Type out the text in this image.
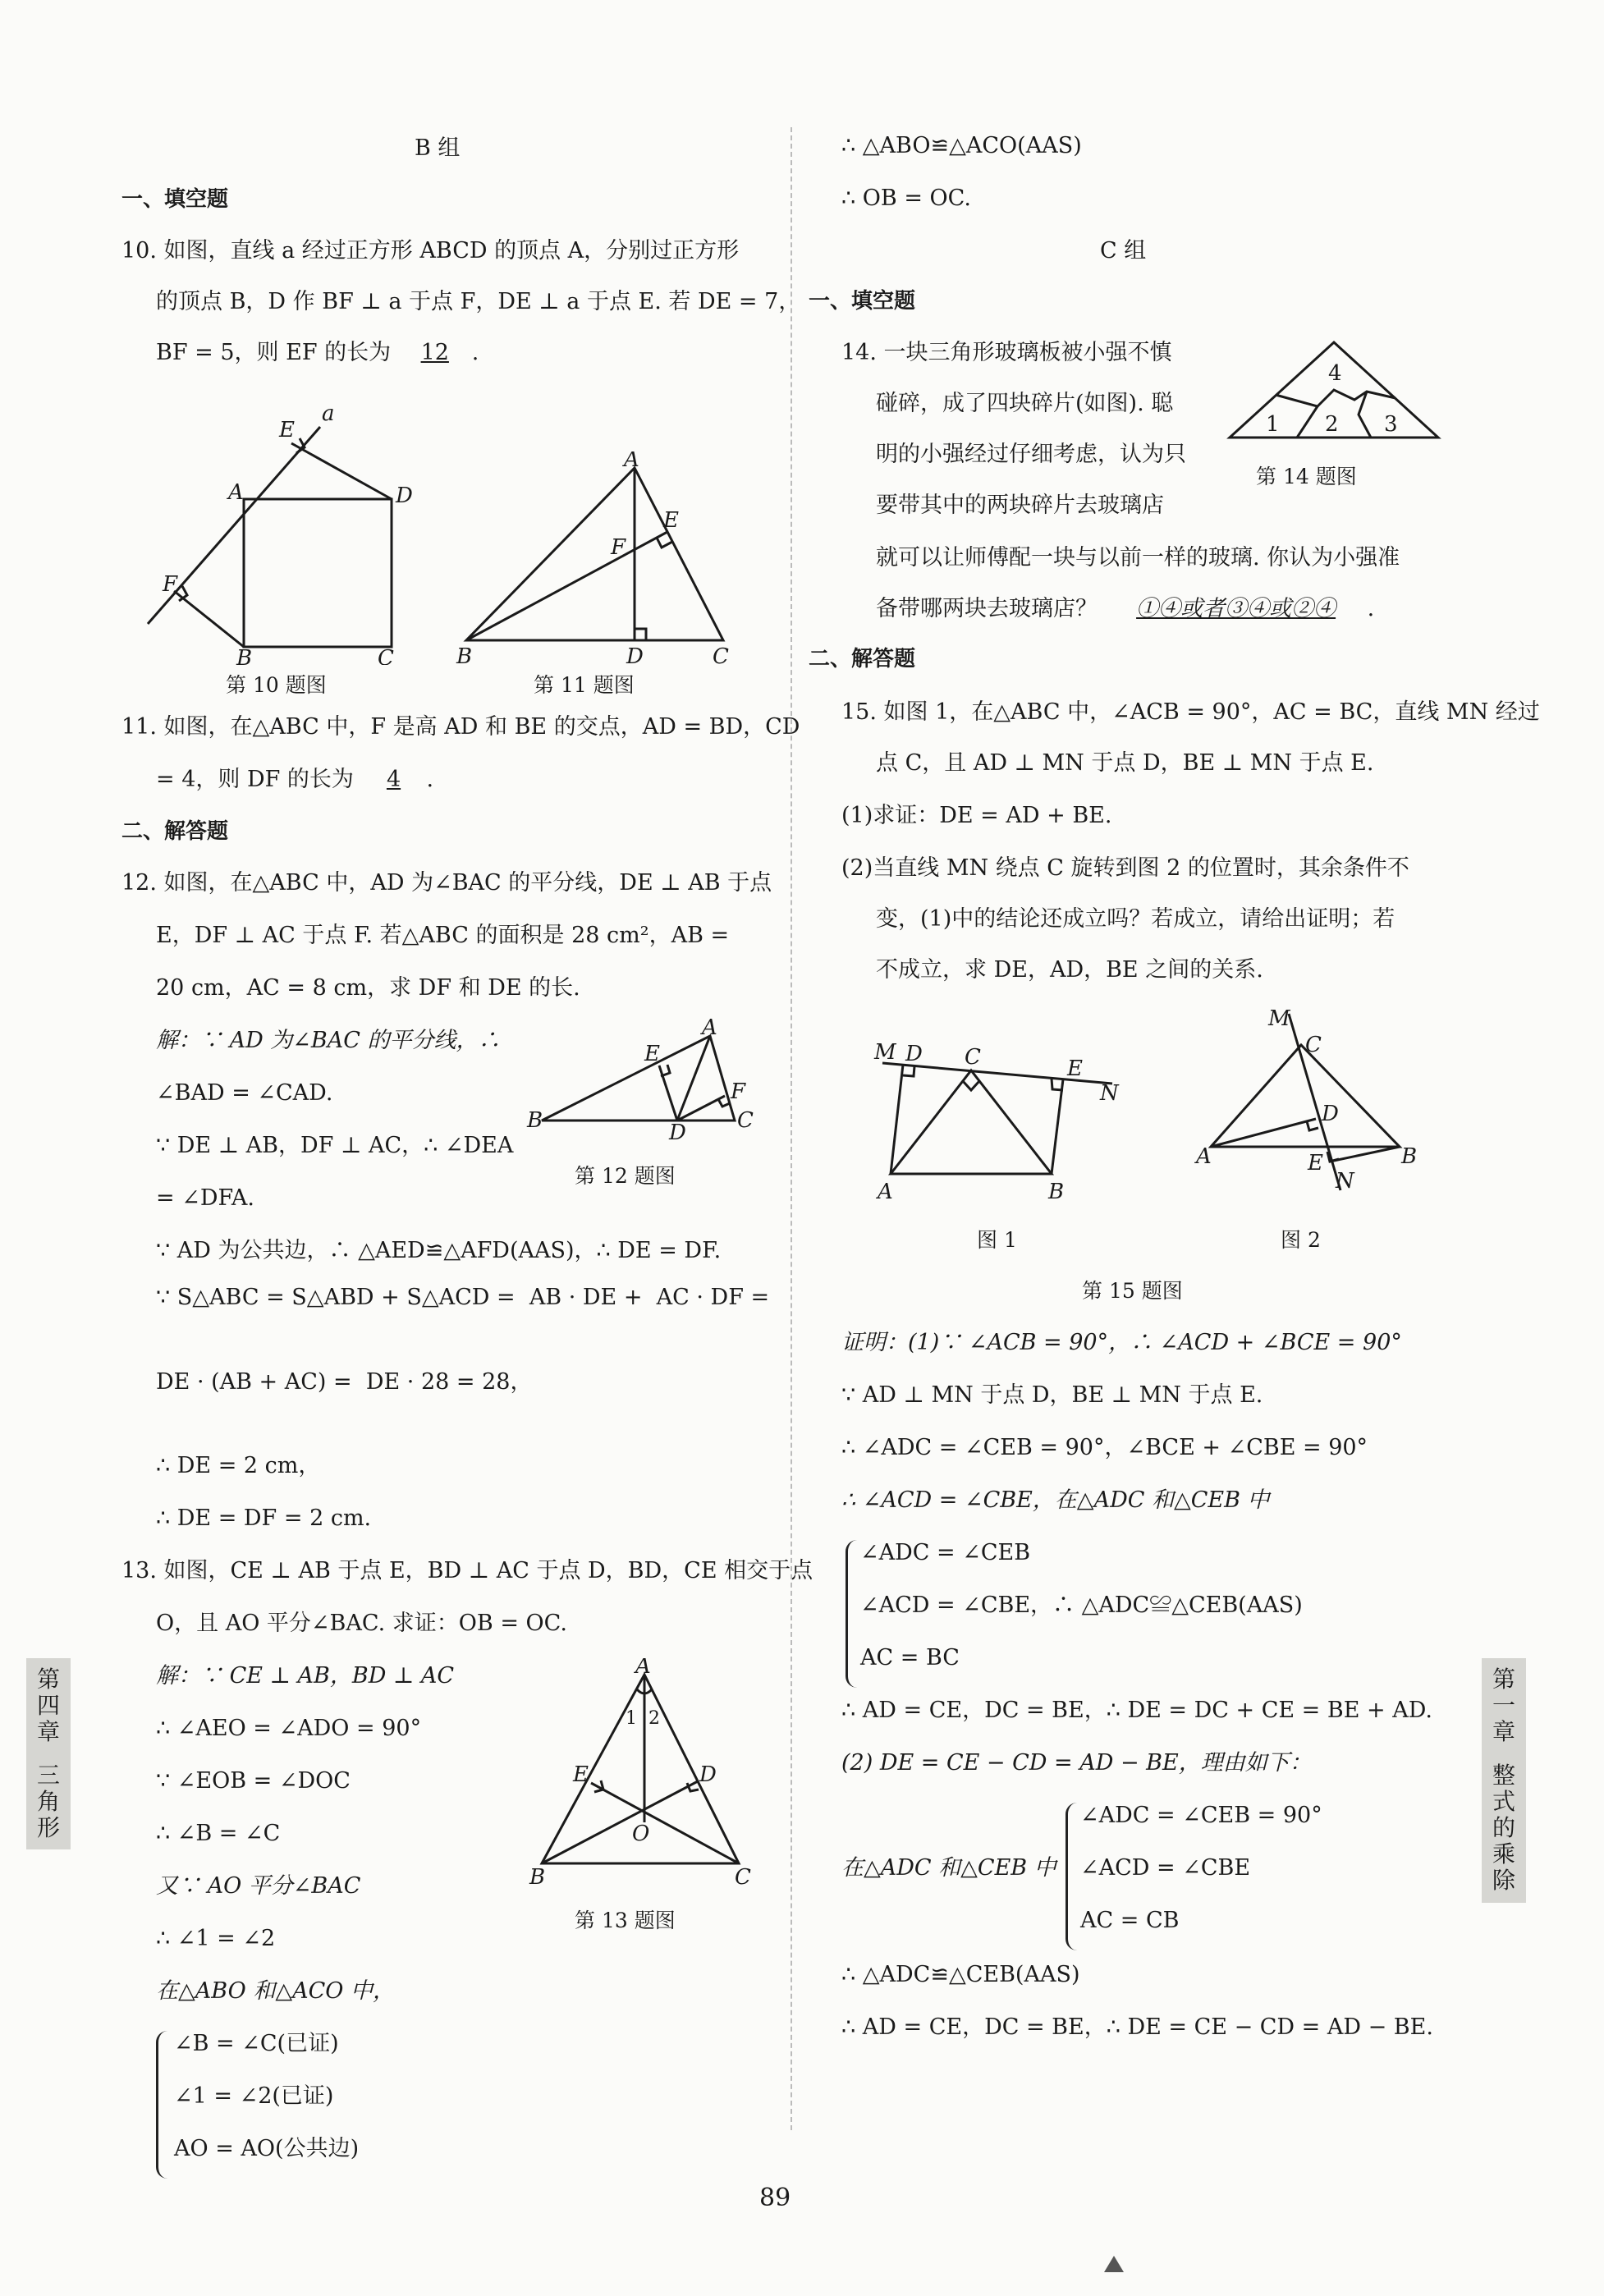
B 组
一、填空题
10. 如图，直线 a 经过正方形 ABCD 的顶点 A，分别过正方形
的顶点 B，D 作 BF ⊥ a 于点 F，DE ⊥ a 于点 E. 若 DE = 7，
BF = 5，则 EF 的长为 12 .
a
E
A	D
F
B	C
第 10 题图
A
E
F
B	D	C
第 11 题图
11. 如图，在△ABC 中，F 是高 AD 和 BE 的交点，AD = BD，CD
= 4，则 DF 的长为 4 .
二、解答题
12. 如图，在△ABC 中，AD 为∠BAC 的平分线，DE ⊥ AB 于点
E，DF ⊥ AC 于点 F. 若△ABC 的面积是 28 cm²，AB =
20 cm，AC = 8 cm，求 DF 和 DE 的长.
解：∵ AD 为∠BAC 的平分线，∴
∠BAD = ∠CAD.
∵ DE ⊥ AB，DF ⊥ AC，∴ ∠DEA
= ∠DFA.
∵ AD 为公共边，∴ △AED≌△AFD(AAS)，∴ DE = DF.
A
E
F
B	D C
第 12 题图
∵ S△ABC = S△ABD + S△ACD = AB · DE + AC · DF =
DE · (AB + AC) = DE · 28 = 28，
∴ DE = 2 cm，
∴ DE = DF = 2 cm.
13. 如图，CE ⊥ AB 于点 E，BD ⊥ AC 于点 D，BD，CE 相交于点
O，且 AO 平分∠BAC. 求证：OB = OC.
解：∵ CE ⊥ AB，BD ⊥ AC
∴ ∠AEO = ∠ADO = 90°
∵ ∠EOB = ∠DOC
∴ ∠B = ∠C
又∵ AO 平分∠BAC
∴ ∠1 = ∠2
在△ABO 和△ACO 中，
∠B = ∠C(已证)
∠1 = ∠2(已证)
AO = AO(公共边)
A
1 2
E	D
O
B	C
第 13 题图
第
四
章
三
角
形
∴ △ABO≌△ACO(AAS)
∴ OB = OC.
C 组
一、填空题
14. 一块三角形玻璃板被小强不慎
碰碎，成了四块碎片(如图). 聪
明的小强经过仔细考虑，认为只
要带其中的两块碎片去玻璃店
就可以让师傅配一块与以前一样的玻璃. 你认为小强准
备带哪两块去玻璃店？ ①④或者③④或②④ .
4
1 2 3
第 14 题图
二、解答题
15. 如图 1，在△ABC 中，∠ACB = 90°，AC = BC，直线 MN 经过
点 C，且 AD ⊥ MN 于点 D，BE ⊥ MN 于点 E.
(1)求证：DE = AD + BE.
(2)当直线 MN 绕点 C 旋转到图 2 的位置时，其余条件不
变，(1)中的结论还成立吗？若成立，请给出证明；若
不成立，求 DE，AD，BE 之间的关系.
M D C	E
N
A	B
图 1
M
C
D
E
A	B
N
图 2
第 15 题图
证明：(1)∵ ∠ACB = 90°，∴ ∠ACD + ∠BCE = 90°
∵ AD ⊥ MN 于点 D，BE ⊥ MN 于点 E.
∴ ∠ADC = ∠CEB = 90°，∠BCE + ∠CBE = 90°
∴ ∠ACD = ∠CBE，在△ADC 和△CEB 中
∠ADC = ∠CEB
∠ACD = ∠CBE，∴ △ADC≌△CEB(AAS)
AC = BC
∴ AD = CE，DC = BE，∴ DE = DC + CE = BE + AD.
(2) DE = CE − CD = AD − BE，理由如下：
∠ADC = ∠CEB = 90°
在△ADC 和△CEB 中 ∠ACD = ∠CBE
AC = CB
∴ △ADC≌△CEB(AAS)
∴ AD = CE，DC = BE，∴ DE = CE − CD = AD − BE.
第
一
章
整
式
的
乘
除
89
